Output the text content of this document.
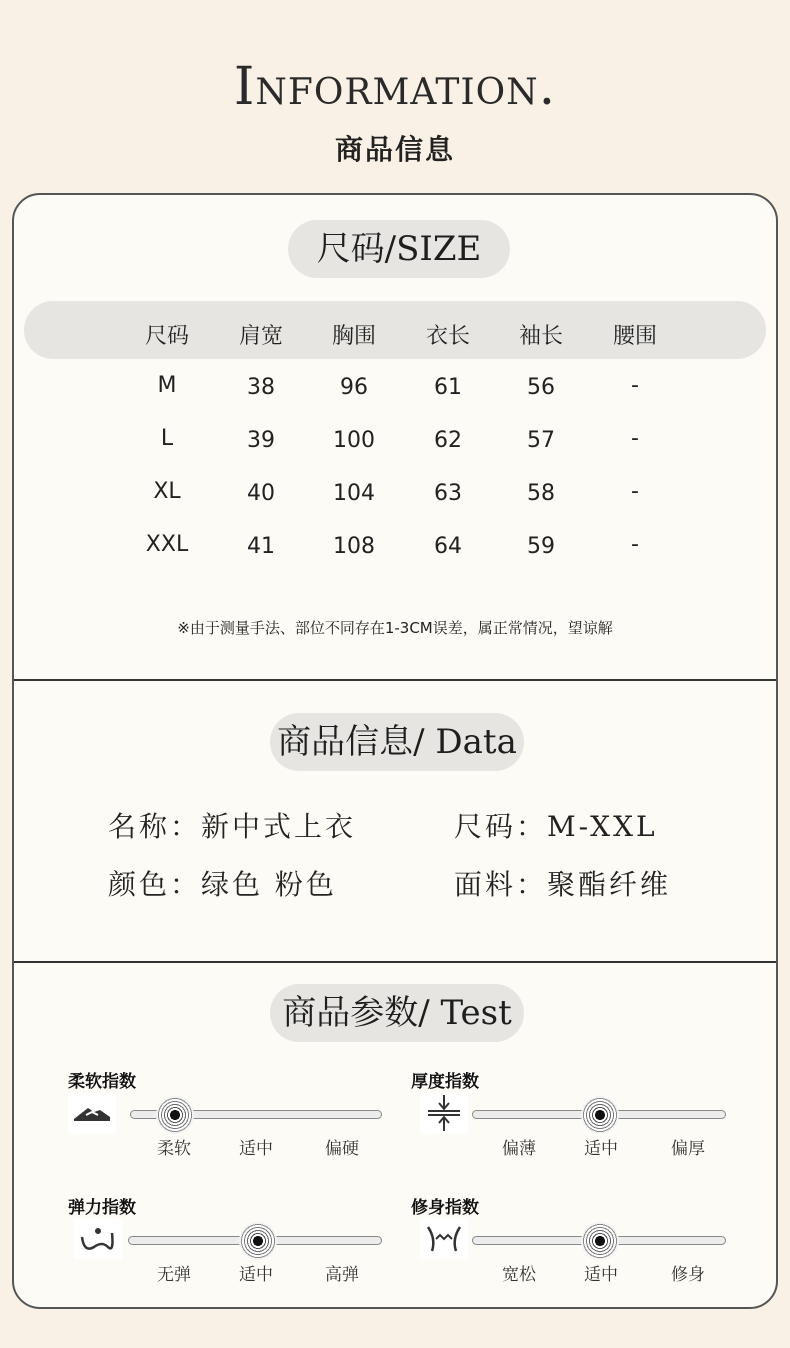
Information.
商品信息
尺码/SIZE
尺码	肩宽	胸围	衣长	袖长	腰围
M	38	96	61	56	-
L	39	100	62	57	-
XL	40	104	63	58	-
XXL	41	108	64	59	-
※由于测量手法、部位不同存在1-3CM误差，属正常情况，望谅解
商品信息/ Data
名称：新中式上衣	尺码：M-XXL
颜色：绿色 粉色	面料：聚酯纤维
商品参数/ Test
柔软指数
柔软	适中	偏硬
厚度指数
偏薄	适中	偏厚
弹力指数
无弹	适中	高弹
修身指数
宽松	适中	修身
